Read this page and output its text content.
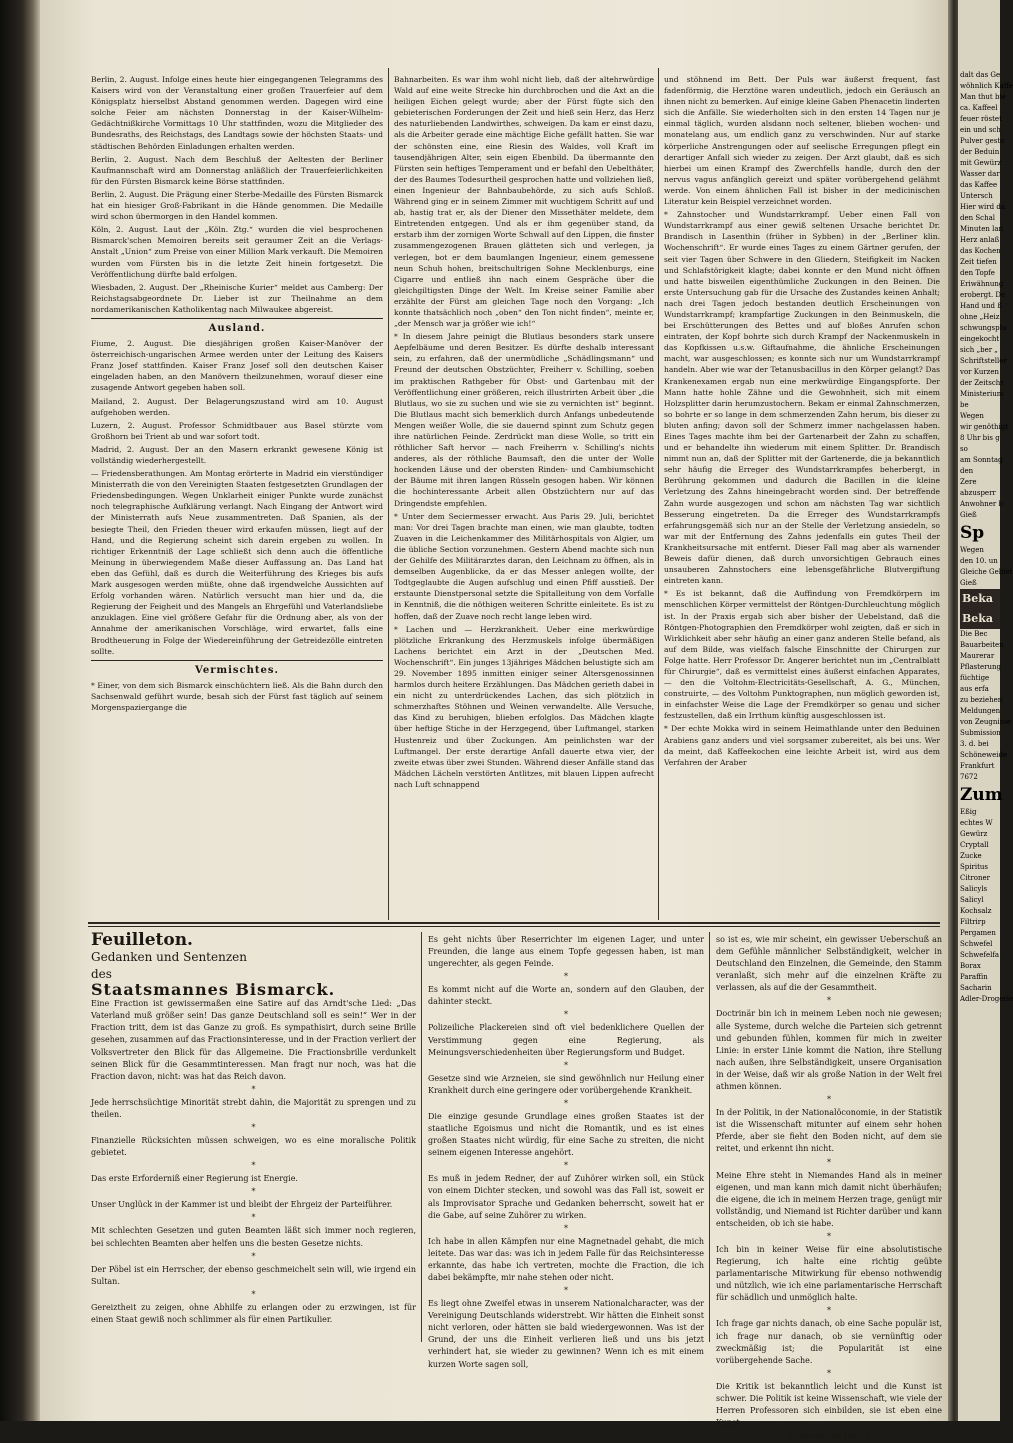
Berlin, 2. August. Infolge eines heute hier eingegangenen Telegramms des Kaisers wird von der Veranstaltung einer großen Trauerfeier auf dem Königsplatz hierselbst Abstand genommen werden. Dagegen wird eine solche Feier am nächsten Donnerstag in der Kaiser-Wilhelm-Gedächtnißkirche Vormittags 10 Uhr stattfinden, wozu die Mitglieder des Bundesraths, des Reichstags, des Landtags sowie der höchsten Staats- und städtischen Behörden Einladungen erhalten werden.

Berlin, 2. August. Nach dem Beschluß der Aeltesten der Berliner Kaufmannschaft wird am Donnerstag anläßlich der Trauerfeierlichkeiten für den Fürsten Bismarck keine Börse stattfinden.

Berlin, 2. August. Die Prägung einer Sterbe-Medaille des Fürsten Bismarck hat ein hiesiger Groß-Fabrikant in die Hände genommen. Die Medaille wird schon übermorgen in den Handel kommen.

Köln, 2. August. Laut der „Köln. Ztg.“ wurden die viel besprochenen Bismarck'schen Memoiren bereits seit geraumer Zeit an die Verlags-Anstalt „Union“ zum Preise von einer Million Mark verkauft. Die Memoiren wurden vom Fürsten bis in die letzte Zeit hinein fortgesetzt. Die Veröffentlichung dürfte bald erfolgen.

Wiesbaden, 2. August. Der „Rheinische Kurier“ meldet aus Camberg: Der Reichstagsabgeordnete Dr. Lieber ist zur Theilnahme an dem nordamerikanischen Katholikentag nach Milwaukee abgereist.

Ausland.

Fiume, 2. August. Die diesjährigen großen Kaiser-Manöver der österreichisch-ungarischen Armee werden unter der Leitung des Kaisers Franz Josef stattfinden. Kaiser Franz Josef soll den deutschen Kaiser eingeladen haben, an den Manövern theilzunehmen, worauf dieser eine zusagende Antwort gegeben haben soll.

Mailand, 2. August. Der Belagerungszustand wird am 10. August aufgehoben werden.

Luzern, 2. August. Professor Schmidtbauer aus Basel stürzte vom Großhorn bei Trient ab und war sofort todt.

Madrid, 2. August. Der an den Masern erkrankt gewesene König ist vollständig wiederhergestellt.

— Friedensberathungen. Am Montag erörterte in Madrid ein vierstündiger Ministerrath die von den Vereinigten Staaten festgesetzten Grundlagen der Friedensbedingungen. Wegen Unklarheit einiger Punkte wurde zunächst noch telegraphische Aufklärung verlangt. Nach Eingang der Antwort wird der Ministerrath aufs Neue zusammentreten. Daß Spanien, als der besiegte Theil, den Frieden theuer wird erkaufen müssen, liegt auf der Hand, und die Regierung scheint sich darein ergeben zu wollen. In richtiger Erkenntniß der Lage schließt sich denn auch die öffentliche Meinung in überwiegendem Maße dieser Auffassung an. Das Land hat eben das Gefühl, daß es durch die Weiterführung des Krieges bis aufs Mark ausgesogen werden müßte, ohne daß irgendwelche Aussichten auf Erfolg vorhanden wären. Natürlich versucht man hier und da, die Regierung der Feigheit und des Mangels an Ehrgefühl und Vaterlandsliebe anzuklagen. Eine viel größere Gefahr für die Ordnung aber, als von der Annahme der amerikanischen Vorschläge, wird erwartet, falls eine Brodtheuerung in Folge der Wiedereinführung der Getreidezölle eintreten sollte.

Vermischtes.

* Einer, von dem sich Bismarck einschüchtern ließ. Als die Bahn durch den Sachsenwald geführt wurde, besah sich der Fürst fast täglich auf seinem Morgenspaziergange die

Bahnarbeiten. Es war ihm wohl nicht lieb, daß der altehrwürdige Wald auf eine weite Strecke hin durchbrochen und die Axt an die heiligen Eichen gelegt wurde; aber der Fürst fügte sich den gebieterischen Forderungen der Zeit und hieß sein Herz, das Herz des naturliebenden Landwirthes, schweigen. Da kam er einst dazu, als die Arbeiter gerade eine mächtige Eiche gefällt hatten. Sie war der schönsten eine, eine Riesin des Waldes, voll Kraft im tausendjährigen Alter, sein eigen Ebenbild. Da übermannte den Fürsten sein heftiges Temperament und er befahl den Uebelthäter, der des Baumes Todesurtheil gesprochen hatte und vollziehen ließ, einen Ingenieur der Bahnbaubehörde, zu sich aufs Schloß. Während ging er in seinem Zimmer mit wuchtigem Schritt auf und ab, hastig trat er, als der Diener den Missethäter meldete, dem Eintretenden entgegen. Und als er ihm gegenüber stand, da erstarb ihm der zornigen Worte Schwall auf den Lippen, die finster zusammengezogenen Brauen glätteten sich und verlegen, ja verlegen, bot er dem baumlangen Ingenieur, einem gemessene neun Schuh hohen, breitschultrigen Sohne Mecklenburgs, eine Cigarre und entließ ihn nach einem Gespräche über die gleichgiltigsten Dinge der Welt. Im Kreise seiner Familie aber erzählte der Fürst am gleichen Tage noch den Vorgang: „Ich konnte thatsächlich noch „oben“ den Ton nicht finden“, meinte er, „der Mensch war ja größer wie ich!“

* In diesem Jahre peinigt die Blutlaus besonders stark unsere Aepfelbäume und deren Besitzer. Es dürfte deshalb interessant sein, zu erfahren, daß der unermüdliche „Schädlingsmann“ und Freund der deutschen Obstzüchter, Freiherr v. Schilling, soeben im praktischen Rathgeber für Obst- und Gartenbau mit der Veröffentlichung einer größeren, reich illustrirten Arbeit über „die Blutlaus, wo sie zu suchen und wie sie zu vernichten ist“ beginnt. Die Blutlaus macht sich bemerklich durch Anfangs unbedeutende Mengen weißer Wolle, die sie dauernd spinnt zum Schutz gegen ihre natürlichen Feinde. Zerdrückt man diese Wolle, so tritt ein röthlicher Saft hervor — nach Freiherrn v. Schilling's nichts anderes, als der röthliche Baumsaft, den die unter der Wolle hockenden Läuse und der obersten Rinden- und Cambiumschicht der Bäume mit ihren langen Rüsseln gesogen haben. Wir können die hochinteressante Arbeit allen Obstzüchtern nur auf das Dringendste empfehlen.

* Unter dem Seciermesser erwacht. Aus Paris 29. Juli, berichtet man: Vor drei Tagen brachte man einen, wie man glaubte, todten Zuaven in die Leichenkammer des Militärhospitals von Algier, um die übliche Section vorzunehmen. Gestern Abend machte sich nun der Gehilfe des Militärarztes daran, den Leichnam zu öffnen, als in demselben Augenblicke, da er das Messer anlegen wollte, der Todtgeglaubte die Augen aufschlug und einen Pfiff ausstieß. Der erstaunte Dienstpersonal setzte die Spitalleitung von dem Vorfalle in Kenntniß, die die nöthigen weiteren Schritte einleitete. Es ist zu hoffen, daß der Zuave noch recht lange leben wird.

* Lachen und — Herzkrankheit. Ueber eine merkwürdige plötzliche Erkrankung des Herzmuskels infolge übermäßigen Lachens berichtet ein Arzt in der „Deutschen Med. Wochenschrift“. Ein junges 13jähriges Mädchen belustigte sich am 29. November 1895 inmitten einiger seiner Altersgenossinnen harmlos durch heitere Erzählungen. Das Mädchen gerieth dabei in ein nicht zu unterdrückendes Lachen, das sich plötzlich in schmerzhaftes Stöhnen und Weinen verwandelte. Alle Versuche, das Kind zu beruhigen, blieben erfolglos. Das Mädchen klagte über heftige Stiche in der Herzgegend, über Luftmangel, starken Hustenreiz und über Zuckungen. Am peinlichsten war der Luftmangel. Der erste derartige Anfall dauerte etwa vier, der zweite etwas über zwei Stunden. Während dieser Anfälle stand das Mädchen Lächeln verstörten Antlitzes, mit blauen Lippen aufrecht nach Luft schnappend

und stöhnend im Bett. Der Puls war äußerst frequent, fast fadenförmig, die Herztöne waren undeutlich, jedoch ein Geräusch an ihnen nicht zu bemerken. Auf einige kleine Gaben Phenacetin linderten sich die Anfälle. Sie wiederholten sich in den ersten 14 Tagen nur je einmal täglich, wurden alsdann noch seltener, blieben wochen- und monatelang aus, um endlich ganz zu verschwinden. Nur auf starke körperliche Anstrengungen oder auf seelische Erregungen pflegt ein derartiger Anfall sich wieder zu zeigen. Der Arzt glaubt, daß es sich hierbei um einen Krampf des Zwerchfells handle, durch den der nervus vagus anfänglich gereizt und später vorübergehend gelähmt werde. Von einem ähnlichen Fall ist bisher in der medicinischen Literatur kein Beispiel verzeichnet worden.

* Zahnstocher und Wundstarrkrampf. Ueber einen Fall von Wundstarrkrampf aus einer gewiß seltenen Ursache berichtet Dr. Brandisch in Lasenthin (früher in Sybben) in der „Berliner klin. Wochenschrift“. Er wurde eines Tages zu einem Gärtner gerufen, der seit vier Tagen über Schwere in den Gliedern, Steifigkeit im Nacken und Schlafstörigkeit klagte; dabei konnte er den Mund nicht öffnen und hatte bisweilen eigenthümliche Zuckungen in den Beinen. Die erste Untersuchung gab für die Ursache des Zustandes keinen Anhalt; nach drei Tagen jedoch bestanden deutlich Erscheinungen von Wundstarrkrampf; krampfartige Zuckungen in den Beinmuskeln, die bei Erschütterungen des Bettes und auf bloßes Anrufen schon eintraten, der Kopf bohrte sich durch Krampf der Nackenmuskeln in das Kopfkissen u.s.w. Giftaufnahme, die ähnliche Erscheinungen macht, war ausgeschlossen; es konnte sich nur um Wundstarrkrampf handeln. Aber wie war der Tetanusbacillus in den Körper gelangt? Das Krankenexamen ergab nun eine merkwürdige Eingangspforte. Der Mann hatte hohle Zähne und die Gewohnheit, sich mit einem Holzsplitter darin herumzustochern. Bekam er einmal Zahnschmerzen, so bohrte er so lange in dem schmerzenden Zahn herum, bis dieser zu bluten anfing; davon soll der Schmerz immer nachgelassen haben. Eines Tages machte ihm bei der Gartenarbeit der Zahn zu schaffen, und er behandelte ihn wiederum mit einem Splitter. Dr. Brandisch nimmt nun an, daß der Splitter mit der Gartenerde, die ja bekanntlich sehr häufig die Erreger des Wundstarrkrampfes beherbergt, in Berührung gekommen und dadurch die Bacillen in die kleine Verletzung des Zahns hineingebracht worden sind. Der betreffende Zahn wurde ausgezogen und schon am nächsten Tag war sichtlich Besserung eingetreten. Da die Erreger des Wundstarrkrampfs erfahrungsgemäß sich nur an der Stelle der Verletzung ansiedeln, so war mit der Entfernung des Zahns jedenfalls ein gutes Theil der Krankheitsursache mit entfernt. Dieser Fall mag aber als warnender Beweis dafür dienen, daß durch unvorsichtigen Gebrauch eines unsauberen Zahnstochers eine lebensgefährliche Blutvergiftung eintreten kann.

* Es ist bekannt, daß die Auffindung von Fremdkörpern im menschlichen Körper vermittelst der Röntgen-Durchleuchtung möglich ist. In der Praxis ergab sich aber bisher der Uebelstand, daß die Röntgen-Photographien den Fremdkörper wohl zeigten, daß er sich in Wirklichkeit aber sehr häufig an einer ganz anderen Stelle befand, als auf dem Bilde, was vielfach falsche Einschnitte der Chirurgen zur Folge hatte. Herr Professor Dr. Angerer berichtet nun im „Centralblatt für Chirurgie“, daß es vermittelst eines äußerst einfachen Apparates, — den die Voltohm-Electricitäts-Gesellschaft, A. G., München, construirte, — des Voltohm Punktographen, nun möglich geworden ist, in einfachster Weise die Lage der Fremdkörper so genau und sicher festzustellen, daß ein Irrthum künftig ausgeschlossen ist.

* Der echte Mokka wird in seinem Heimathlande unter den Beduinen Arabiens ganz anders und viel sorgsamer zubereitet, als bei uns. Wer da meint, daß Kaffeekochen eine leichte Arbeit ist, wird aus dem Verfahren der Araber

Feuilleton.

Gedanken und Sentenzen

des

Staatsmannes Bismarck.

Eine Fraction ist gewissermaßen eine Satire auf das Arndt'sche Lied: „Das Vaterland muß größer sein! Das ganze Deutschland soll es sein!“ Wer in der Fraction tritt, dem ist das Ganze zu groß. Es sympathisirt, durch seine Brille gesehen, zusammen auf das Fractionsinteresse, und in der Fraction verliert der Volksvertreter den Blick für das Allgemeine. Die Fractionsbrille verdunkelt seinen Blick für die Gesammtinteressen. Man fragt nur noch, was hat die Fraction davon, nicht: was hat das Reich davon.

*

Jede herrschsüchtige Minorität strebt dahin, die Majorität zu sprengen und zu theilen.

*

Finanzielle Rücksichten müssen schweigen, wo es eine moralische Politik gebietet.

*

Das erste Erforderniß einer Regierung ist Energie.

*

Unser Unglück in der Kammer ist und bleibt der Ehrgeiz der Parteiführer.

*

Mit schlechten Gesetzen und guten Beamten läßt sich immer noch regieren, bei schlechten Beamten aber helfen uns die besten Gesetze nichts.

*

Der Pöbel ist ein Herrscher, der ebenso geschmeichelt sein will, wie irgend ein Sultan.

*

Gereiztheit zu zeigen, ohne Abhilfe zu erlangen oder zu erzwingen, ist für einen Staat gewiß noch schlimmer als für einen Partikulier.

Es geht nichts über Reserrichter im eigenen Lager, und unter Freunden, die lange aus einem Topfe gegessen haben, ist man ungerechter, als gegen Feinde.

*

Es kommt nicht auf die Worte an, sondern auf den Glauben, der dahinter steckt.

*

Polizeiliche Plackereien sind oft viel bedenklichere Quellen der Verstimmung gegen eine Regierung, als Meinungsverschiedenheiten über Regierungsform und Budget.

*

Gesetze sind wie Arzneien, sie sind gewöhnlich nur Heilung einer Krankheit durch eine geringere oder vorübergehende Krankheit.

*

Die einzige gesunde Grundlage eines großen Staates ist der staatliche Egoismus und nicht die Romantik, und es ist eines großen Staates nicht würdig, für eine Sache zu streiten, die nicht seinem eigenen Interesse angehört.

*

Es muß in jedem Redner, der auf Zuhörer wirken soll, ein Stück von einem Dichter stecken, und sowohl was das Fall ist, soweit er als Improvisator Sprache und Gedanken beherrscht, soweit hat er die Gabe, auf seine Zuhörer zu wirken.

*

Ich habe in allen Kämpfen nur eine Magnetnadel gehabt, die mich leitete. Das war das: was ich in jedem Falle für das Reichsinteresse erkannte, das habe ich vertreten, mochte die Fraction, die ich dabei bekämpfte, mir nahe stehen oder nicht.

*

Es liegt ohne Zweifel etwas in unserem Nationalcharacter, was der Vereinigung Deutschlands widerstrebt. Wir hätten die Einheit sonst nicht verloren, oder hätten sie bald wiedergewonnen. Was ist der Grund, der uns die Einheit verlieren ließ und uns bis jetzt verhindert hat, sie wieder zu gewinnen? Wenn ich es mit einem kurzen Worte sagen soll,

so ist es, wie mir scheint, ein gewisser Ueberschuß an dem Gefühle männlicher Selbständigkeit, welcher in Deutschland den Einzelnen, die Gemeinde, den Stamm veranlaßt, sich mehr auf die einzelnen Kräfte zu verlassen, als auf die der Gesammtheit.

*

Doctrinär bin ich in meinem Leben noch nie gewesen; alle Systeme, durch welche die Parteien sich getrennt und gebunden fühlen, kommen für mich in zweiter Linie: in erster Linie kommt die Nation, ihre Stellung nach außen, ihre Selbständigkeit, unsere Organisation in der Weise, daß wir als große Nation in der Welt frei athmen können.

*

In der Politik, in der Nationalöconomie, in der Statistik ist die Wissenschaft mitunter auf einem sehr hohen Pferde, aber sie fieht den Boden nicht, auf dem sie reitet, und erkennt ihn nicht.

*

Meine Ehre steht in Niemandes Hand als in meiner eigenen, und man kann mich damit nicht überhäufen; die eigene, die ich in meinem Herzen trage, genügt mir vollständig, und Niemand ist Richter darüber und kann entscheiden, ob ich sie habe.

*

Ich bin in keiner Weise für eine absolutistische Regierung, ich halte eine richtig geübte parlamentarische Mitwirkung für ebenso nothwendig und nützlich, wie ich eine parlamentarische Herrschaft für schädlich und unmöglich halte.

*

Ich frage gar nichts danach, ob eine Sache populär ist, ich frage nur danach, ob sie vernünftig oder zweckmäßig ist; die Popularität ist eine vorübergehende Sache.

*

Die Kritik ist bekanntlich leicht und die Kunst ist schwer. Die Politik ist keine Wissenschaft, wie viele der Herren Professoren sich einbilden, sie ist eben eine Kunst.

(Fortsetzung folgt.)

dalt das Ge

wöhnlich Kaffe

Man thut bie

ca. Kaffeel

feuer röstet

ein und sch

Pulver gesto

der Beduin

mit Gewürz

Wasser dar

das Kaffee

Untersch

Hier wird da

den Schal

Minuten lan

Herz anlaß

das Kochen

Zeit tiefen

den Topfe

Eriwähnung

erobergt. De

Hand und ß

ohne „Heiz

schwungsplu

eingekocht

sich „ber „

Schriftsteller

vor Kurzen

der Zeitschr

Ministerium

be

Wegen

wir genöthigt

8 Uhr bis g

so

am Sonntag

den

Zere

abzusperr

Anwohner b

Gieß

Sp

Wegen

den 10. un

Gleiche Gebiet

Gieß

Beka

Beka

Die Bec

Bauarbeiten

Maurerar

Pflasterung

füchtige

aus erfa

zu beziehen

Meldungen

von Zeugnisse

Submission

3. d. bei

Schöneweide

Frankfurt

7672

Zum

Eßig

echtes W

Gewürz

Cryptall

Zucke

Spiritus

Citroner

Salicyls

Salicyl

Kochsalz

Filtrirp

Pergamen

Schwefel

Schwefelfa

Borax

Paraffin

Sacharin

Adler-Drogerie
